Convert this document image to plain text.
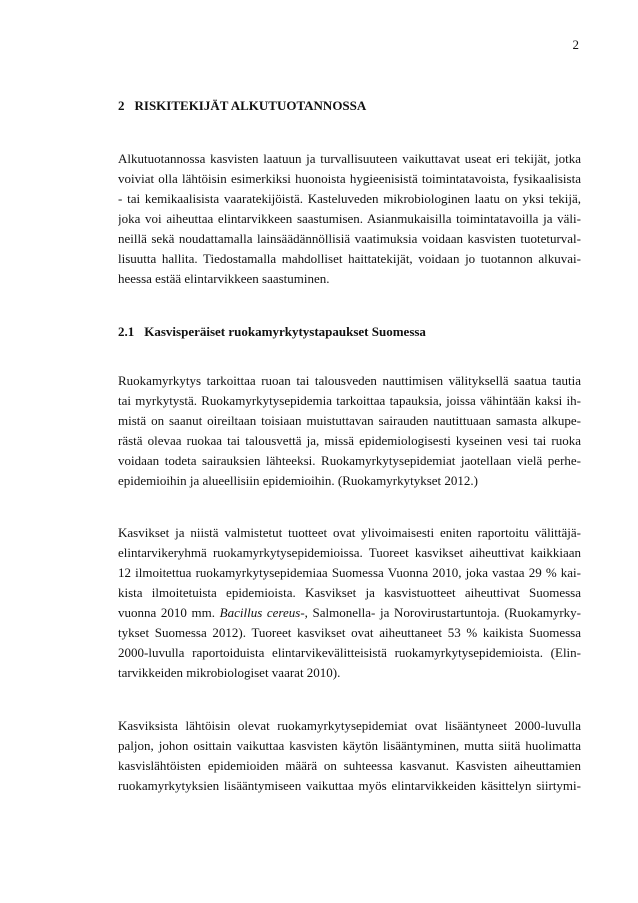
2
2 RISKITEKIJÄT ALKUTUOTANNOSSA
Alkutuotannossa kasvisten laatuun ja turvallisuuteen vaikuttavat useat eri tekijät, jotka
voiviat olla lähtöisin esimerkiksi huonoista hygieenisistä toimintatavoista, fysikaalisista
- tai kemikaalisista vaaratekijöistä. Kasteluveden mikrobiologinen laatu on yksi tekijä,
joka voi aiheuttaa elintarvikkeen saastumisen. Asianmukaisilla toimintatavoilla ja väli-
neillä sekä noudattamalla lainsäädännöllisiä vaatimuksia voidaan kasvisten tuoteturval-
lisuutta hallita. Tiedostamalla mahdolliset haittatekijät, voidaan jo tuotannon alkuvai-
heessa estää elintarvikkeen saastuminen.
2.1 Kasvisperäiset ruokamyrkytystapaukset Suomessa
Ruokamyrkytys tarkoittaa ruoan tai talousveden nauttimisen välityksellä saatua tautia
tai myrkytystä. Ruokamyrkytysepidemia tarkoittaa tapauksia, joissa vähintään kaksi ih-
mistä on saanut oireiltaan toisiaan muistuttavan sairauden nautittuaan samasta alkupe-
rästä olevaa ruokaa tai talousvettä ja, missä epidemiologisesti kyseinen vesi tai ruoka
voidaan todeta sairauksien lähteeksi. Ruokamyrkytysepidemiat jaotellaan vielä perhe-
epidemioihin ja alueellisiin epidemioihin. (Ruokamyrkytykset 2012.)
Kasvikset ja niistä valmistetut tuotteet ovat ylivoimaisesti eniten raportoitu välittäjä-
elintarvikeryhmä ruokamyrkytysepidemioissa. Tuoreet kasvikset aiheuttivat kaikkiaan
12 ilmoitettua ruokamyrkytysepidemiaa Suomessa Vuonna 2010, joka vastaa 29 % kai-
kista ilmoitetuista epidemioista. Kasvikset ja kasvistuotteet aiheuttivat Suomessa
vuonna 2010 mm. Bacillus cereus-, Salmonella- ja Norovirustartuntoja. (Ruokamyrky-
tykset Suomessa 2012). Tuoreet kasvikset ovat aiheuttaneet 53 % kaikista Suomessa
2000-luvulla raportoiduista elintarvikevälitteisistä ruokamyrkytysepidemioista. (Elin-
tarvikkeiden mikrobiologiset vaarat 2010).
Kasviksista lähtöisin olevat ruokamyrkytysepidemiat ovat lisääntyneet 2000-luvulla
paljon, johon osittain vaikuttaa kasvisten käytön lisääntyminen, mutta siitä huolimatta
kasvislähtöisten epidemioiden määrä on suhteessa kasvanut. Kasvisten aiheuttamien
ruokamyrkytyksien lisääntymiseen vaikuttaa myös elintarvikkeiden käsittelyn siirtymi-
